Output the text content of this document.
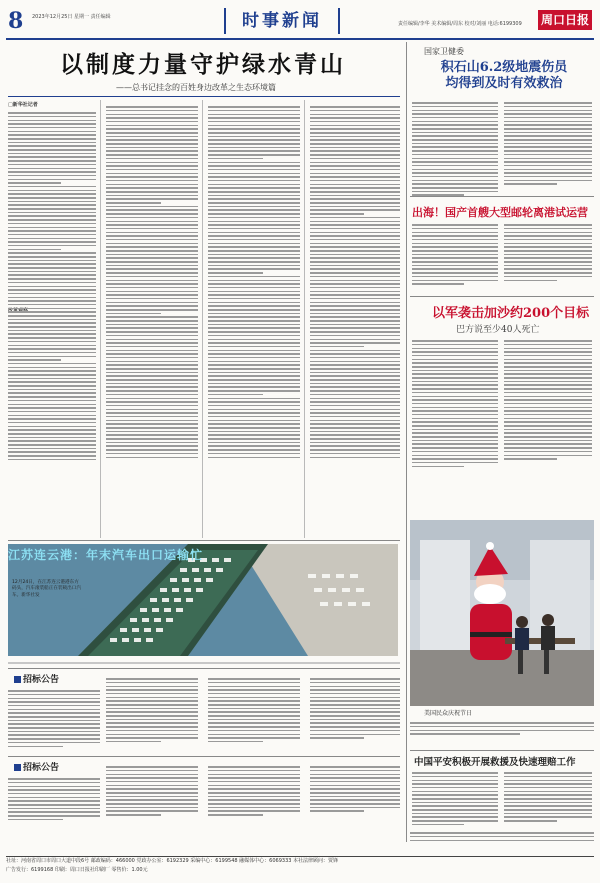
8 2023年12月25日 星期一 责任编辑	时事新闻	责任编辑/李华 美术编辑/周东 校对/刘丽 电话:6199309 周口日报
以制度力量守护绿水青山
——总书记挂念的百姓身边改革之生态环境篇
□新华社记者
国家卫健委
积石山6.2级地震伤员
均得到及时有效救治
出海！国产首艘大型邮轮离港试运营
以军袭击加沙约200个目标
巴方说至少40人死亡
美国民众庆祝节日
中国平安积极开展救援及快速理赔工作
江苏连云港：年末汽车出口运输忙
12月24日，在江苏连云港港东方码头，汽车滚装船正在装载出口汽车。新华社发
招标公告
招标公告
社址：河南省周口市周口大道中段6号 邮政编码：466000 党政办公室：6192329 采编中心：6199548 融媒体中心：6069333 本社法律顾问：贾锋
广告发行：6199168 印刷：周口日报社印刷厂 零售价：1.00元
